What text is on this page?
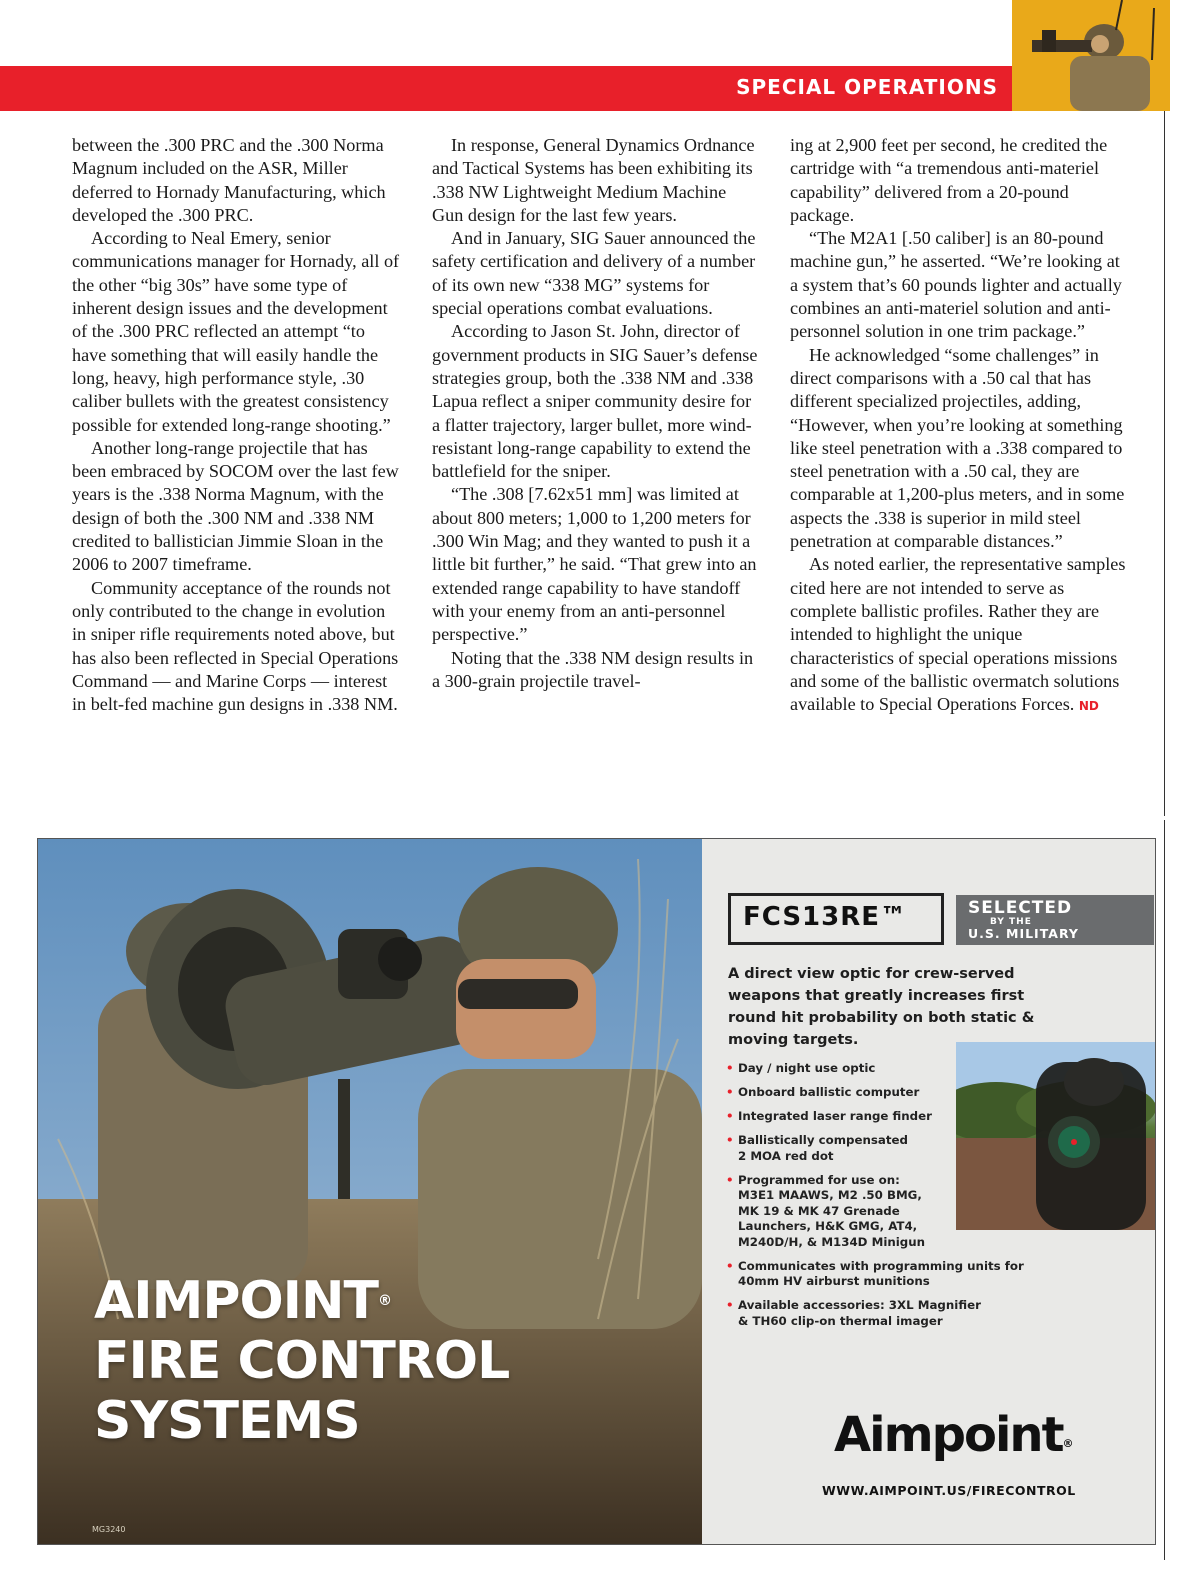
SPECIAL OPERATIONS

between the .300 PRC and the .300 Norma Magnum included on the ASR, Miller deferred to Hornady Manufacturing, which developed the .300 PRC.

According to Neal Emery, senior communications manager for Hornady, all of the other “big 30s” have some type of inherent design issues and the development of the .300 PRC reflected an attempt “to have something that will easily handle the long, heavy, high performance style, .30 caliber bullets with the greatest consistency possible for extended long-range shooting.”

Another long-range projectile that has been embraced by SOCOM over the last few years is the .338 Norma Magnum, with the design of both the .300 NM and .338 NM credited to ballistician Jimmie Sloan in the 2006 to 2007 timeframe.

Community acceptance of the rounds not only contributed to the change in evolution in sniper rifle requirements noted above, but has also been reflected in Special Operations Command — and Marine Corps — interest in belt-fed machine gun designs in .338 NM.

In response, General Dynamics Ordnance and Tactical Systems has been exhibiting its .338 NW Lightweight Medium Machine Gun design for the last few years.

And in January, SIG Sauer announced the safety certification and delivery of a number of its own new “338 MG” systems for special operations combat evaluations.

According to Jason St. John, director of government products in SIG Sauer’s defense strategies group, both the .338 NM and .338 Lapua reflect a sniper community desire for a flatter trajectory, larger bullet, more wind-resistant long-range capability to extend the battlefield for the sniper.

“The .308 [7.62x51 mm] was limited at about 800 meters; 1,000 to 1,200 meters for .300 Win Mag; and they wanted to push it a little bit further,” he said. “That grew into an extended range capability to have standoff with your enemy from an anti-personnel perspective.”

Noting that the .338 NM design results in a 300-grain projectile travel-

ing at 2,900 feet per second, he credited the cartridge with “a tremendous anti-materiel capability” delivered from a 20-pound package.

“The M2A1 [.50 caliber] is an 80-pound machine gun,” he asserted. “We’re looking at a system that’s 60 pounds lighter and actually combines an anti-materiel solution and anti-personnel solution in one trim package.”

He acknowledged “some challenges” in direct comparisons with a .50 cal that has different specialized projectiles, adding, “However, when you’re looking at something like steel penetration with a .338 compared to steel penetration with a .50 cal, they are comparable at 1,200-plus meters, and in some aspects the .338 is superior in mild steel penetration at comparable distances.”

As noted earlier, the representative samples cited here are not intended to serve as complete ballistic profiles. Rather they are intended to highlight the unique characteristics of special operations missions and some of the ballistic overmatch solutions available to Special Operations Forces. ND

AIMPOINT®
FIRE CONTROL
SYSTEMS
MG3240
FCS13RE™	SELECTED
BY THE
U.S. MILITARY
A direct view optic for crew-served weapons that greatly increases first round hit probability on both static & moving targets.
• Day / night use optic
• Onboard ballistic computer
• Integrated laser range finder
• Ballistically compensated
2 MOA red dot
• Programmed for use on:
M3E1 MAAWS, M2 .50 BMG,
MK 19 & MK 47 Grenade
Launchers, H&K GMG, AT4,
M240D/H, & M134D Minigun
• Communicates with programming units for
40mm HV airburst munitions
• Available accessories: 3XL Magnifier
& TH60 clip-on thermal imager
Aimpoint®
WWW.AIMPOINT.US/FIRECONTROL
